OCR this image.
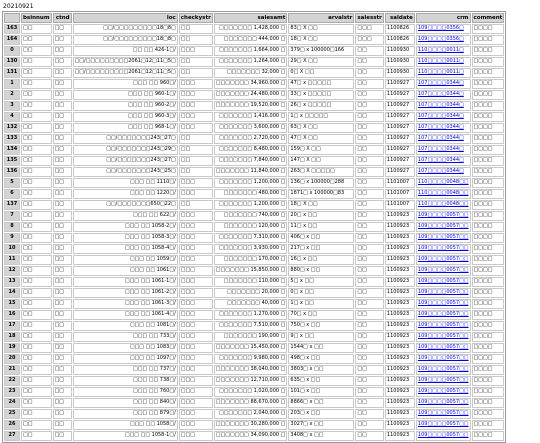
20210921
	bsinnum	ctnd	loc	checkystr	salesamt	arvalstr	salesstr	saldate	crm	comment
163	□□	□□	□□/□□□□□□□□□18□8□	□□	□□□□□□□ 1,428,000 □	83□ X □□	□□□	1100826	109□□□□0356□	□□□□
164	□□	□□	□□/□□□□□□□□□18□8□	□□	□□□□□□□ 444,000 □	18□ X □□	□□□	1100826	109□□□□0356□	□□□□
0	□□	□□	□□ □□ 426-1□/	□□□	□□□□□□□ 1,664,000 □	379□ x 100000□166	□□	1100930	110□□□□0011□	□□□□
130	□□	□□	□□/□□□□□□□□□2061□12□11□5□	□□	□□□□□□□ 1,264,000 □	29□ X □□	□□	1100930	110□□□□0011□	□□□□
131	□□	□□	□□/□□□□□□□□□2061□12□11□5□	□□	□□□□□□□ 32,000 □	0□ X □□	□□	1100930	110□□□□0011□	□□□□
1	□□	□□	□□□ □□ 960□/	□□□	□□□□□□□ 34,960,000 □	47□ x □□□□□	□□	1100927	107□□□□0344□	□□□□
2	□□	□□	□□□ □□ 960-1□/	□□□	□□□□□□□ 24,480,000 □	33□ x □□□□□	□□	1100927	107□□□□0344□	□□□□
3	□□	□□	□□□ □□ 960-2□/	□□□	□□□□□□□ 19,520,000 □	26□ x □□□□□	□□	1100927	107□□□□0344□	□□□□
4	□□	□□	□□□ □□ 960-3□/	□□□	□□□□□□□ 1,416,000 □	1□ x □□□□□	□□	1100927	107□□□□0344□	□□□□
132	□□	□□	□□□ □□ 968-1□/	□□□	□□□□□□□ 3,600,000 □	63□ X □□	□□	1100927	107□□□□0344□	□□□□
133	□□	□□	□□/□□□□□□□243□27□	□□	□□□□□□□ 2,720,000 □	47□ X □□	□□	1100927	107□□□□0344□	□□□□
134	□□	□□	□□/□□□□□□□243□29□	□□	□□□□□□□ 8,480,000 □	159□ X □□	□□	1100927	107□□□□0344□	□□□□
135	□□	□□	□□/□□□□□□□243□27□	□□	□□□□□□□ 7,840,000 □	147□ X □□	□□	1100927	107□□□□0344□	□□□□
136	□□	□□	□□/□□□□□□□243□25□	□□	□□□□□□□ 11,840,000 □	263□ X □□□□□	□□	1100927	107□□□□0344□	□□□□
5	□□	□□	□□□ □□ 1110□/	□□□	□□□□□□□ 1,200,000 □	136□ x 100000□288	□□	1101007	110□□□□0048□□	□□□□
6	□□	□□	□□□ □□ 1220□/	□□□	□□□□□□□ 480,000 □	1871□ x 100000□83	□□	1101007	110□□□□0048□□	□□□□
137	□□	□□	□□/□□□□□□□650□22□	□□	□□□□□□□ 1,200,000 □	18□ X □□	□□	1101007	110□□□□0048□□	□□□□
7	□□	□□	□□□ □□ 622□/	□□□	□□□□□□□ 740,000 □	20□ x □□	□□	1100923	109□□□□0057□□	□□□□
8	□□	□□	□□□ □□ 1058-2□/	□□□	□□□□□□□ 120,000 □	11□ x □□	□□	1100923	109□□□□0057□□	□□□□
9	□□	□□	□□□ □□ 1058-3□/	□□□	□□□□□□□ 7,310,000 □	406□ x □□	□□	1100923	109□□□□0057□□	□□□□
10	□□	□□	□□□ □□ 1058-4□/	□□□	□□□□□□□ 3,930,000 □	217□ x □□	□□	1100923	109□□□□0057□□	□□□□
11	□□	□□	□□□ □□ 1059□/	□□□	□□□□□□□ 170,000 □	16□ x □□	□□	1100923	109□□□□0057□□	□□□□
12	□□	□□	□□□ □□ 1061□/	□□□	□□□□□□□ 15,850,000 □	880□ x □□	□□	1100923	109□□□□0057□□	□□□□
13	□□	□□	□□□ □□ 1061-1□/	□□□	□□□□□□□ 110,000 □	5□ x □□	□□	1100923	109□□□□0057□□	□□□□
14	□□	□□	□□□ □□ 1061-2□/	□□□	□□□□□□□ 20,000 □	0□ x □□	□□	1100923	109□□□□0057□□	□□□□
15	□□	□□	□□□ □□ 1061-3□/	□□□	□□□□□□□ 40,000 □	1□ x □□	□□	1100923	109□□□□0057□□	□□□□
16	□□	□□	□□□ □□ 1061-4□/	□□□	□□□□□□□ 1,270,000 □	70□ x □□	□□	1100923	109□□□□0057□□	□□□□
17	□□	□□	□□□ □□ 1081□/	□□□	□□□□□□□ 7,510,000 □	750□ x □□	□□	1100923	109□□□□0057□□	□□□□
18	□□	□□	□□□ □□ 733□/	□□□	□□□□□□□ 190,000 □	9□ x □□	□□	1100923	109□□□□0057□□	□□□□
19	□□	□□	□□□ □□ 1083□/	□□□	□□□□□□□ 15,450,000 □	1544□ x □□	□□	1100923	109□□□□0057□□	□□□□
20	□□	□□	□□□ □□ 1097□/	□□□	□□□□□□□ 9,980,000 □	498□ x □□	□□	1100923	109□□□□0057□□	□□□□
21	□□	□□	□□□ □□ 737□/	□□□	□□□□□□□ 38,040,000 □	3803□ x □□	□□	1100923	109□□□□0057□□	□□□□
22	□□	□□	□□□ □□ 738□/	□□□	□□□□□□□ 12,710,000 □	635□ x □□	□□	1100923	109□□□□0057□□	□□□□
23	□□	□□	□□□ □□ 760□/	□□□	□□□□□□□ 1,020,000 □	101□ x □□	□□	1100923	109□□□□0057□□	□□□□
24	□□	□□	□□□ □□ 840□/	□□□	□□□□□□□ 88,670,000 □	8866□ x □□	□□	1100923	109□□□□0057□□	□□□□
25	□□	□□	□□□ □□ 879□/	□□□	□□□□□□□ 2,040,000 □	203□ x □□	□□	1100923	109□□□□0057□□	□□□□
26	□□	□□	□□□ □□ 1058□/	□□□	□□□□□□□ 30,280,000 □	3027□ x □□	□□	1100923	109□□□□0057□□	□□□□
27	□□	□□	□□□ □□ 1058-1□/	□□□	□□□□□□□ 34,090,000 □	3408□ x □□	□□	1100923	109□□□□0057□□	□□□□
